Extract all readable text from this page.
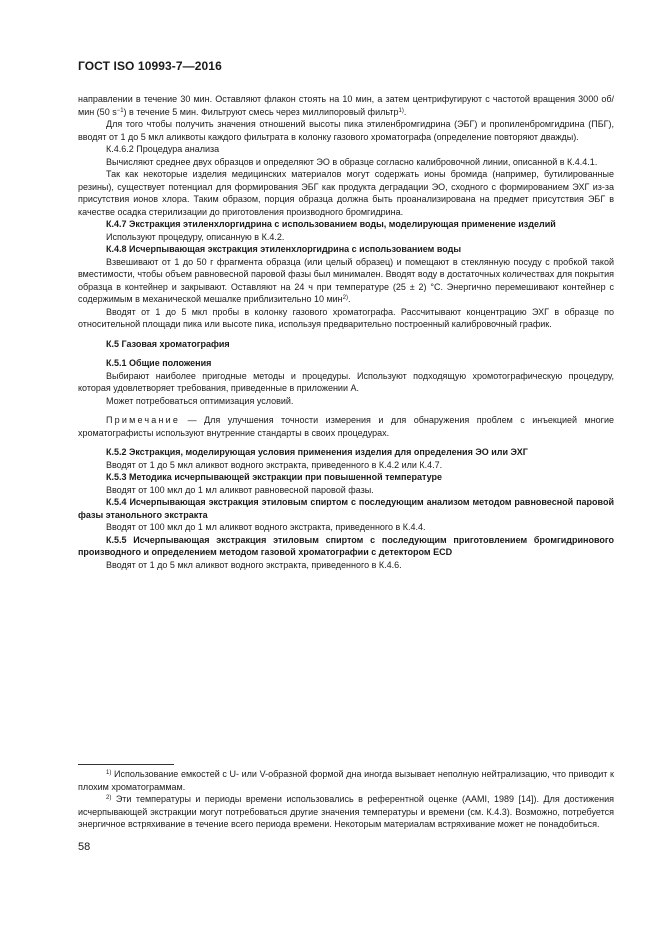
ГОСТ ISO 10993-7—2016

направлении в течение 30 мин. Оставляют флакон стоять на 10 мин, а затем центрифугируют с частотой вращения 3000 об/мин (50 $s^{-1}$) в течение 5 мин. Фильтруют смесь через миллипоровый фильтр$^{1)}$.

Для того чтобы получить значения отношений высоты пика этиленбромгидрина (ЭБГ) и пропиленбромгидрина (ПБГ), вводят от 1 до 5 мкл аликвоты каждого фильтрата в колонку газового хроматографа (определение повторяют дважды).

К.4.6.2 Процедура анализа

Вычисляют среднее двух образцов и определяют ЭО в образце согласно калибровочной линии, описанной в К.4.4.1.

Так как некоторые изделия медицинских материалов могут содержать ионы бромида (например, бутилированные резины), существует потенциал для формирования ЭБГ как продукта деградации ЭО, сходного с формированием ЭХГ из-за присутствия ионов хлора. Таким образом, порция образца должна быть проанализирована на предмет присутствия ЭБГ в качестве осадка стерилизации до приготовления производного бромгидрина.

К.4.7 Экстракция этиленхлоргидрина с использованием воды, моделирующая применение изделий

Используют процедуру, описанную в К.4.2.

К.4.8 Исчерпывающая экстракция этиленхлоргидрина с использованием воды

Взвешивают от 1 до 50 г фрагмента образца (или целый образец) и помещают в стеклянную посуду с пробкой такой вместимости, чтобы объем равновесной паровой фазы был минимален. Вводят воду в достаточных количествах для покрытия образца в контейнер и закрывают. Оставляют на 24 ч при температуре (25 ± 2) °С. Энергично перемешивают контейнер с содержимым в механической мешалке приблизительно 10 мин$^{2)}$.

Вводят от 1 до 5 мкл пробы в колонку газового хроматографа. Рассчитывают концентрацию ЭХГ в образце по относительной площади пика или высоте пика, используя предварительно построенный калибровочный график.

К.5 Газовая хроматография

К.5.1 Общие положения

Выбирают наиболее пригодные методы и процедуры. Используют подходящую хромотографическую процедуру, которая удовлетворяет требования, приведенные в приложении А.

Может потребоваться оптимизация условий.

Примечание — Для улучшения точности измерения и для обнаружения проблем с инъекцией многие хроматографисты используют внутренние стандарты в своих процедурах.

К.5.2 Экстракция, моделирующая условия применения изделия для определения ЭО или ЭХГ

Вводят от 1 до 5 мкл аликвот водного экстракта, приведенного в К.4.2 или К.4.7.

К.5.3 Методика исчерпывающей экстракции при повышенной температуре

Вводят от 100 мкл до 1 мл аликвот равновесной паровой фазы.

К.5.4 Исчерпывающая экстракция этиловым спиртом с последующим анализом методом равновесной паровой фазы этанольного экстракта

Вводят от 100 мкл до 1 мл аликвот водного экстракта, приведенного в К.4.4.

К.5.5 Исчерпывающая экстракция этиловым спиртом с последующим приготовлением бромгидринового производного и определением методом газовой хроматографии с детектором ECD

Вводят от 1 до 5 мкл аликвот водного экстракта, приведенного в К.4.6.

$^{1)}$ Использование емкостей с U- или V-образной формой дна иногда вызывает неполную нейтрализацию, что приводит к плохим хроматограммам.

$^{2)}$ Эти температуры и периоды времени использовались в референтной оценке (AAMI, 1989 [14]). Для достижения исчерпывающей экстракции могут потребоваться другие значения температуры и времени (см. К.4.3). Возможно, потребуется энергичное встряхивание в течение всего периода времени. Некоторым материалам встряхивание может не понадобиться.

58
